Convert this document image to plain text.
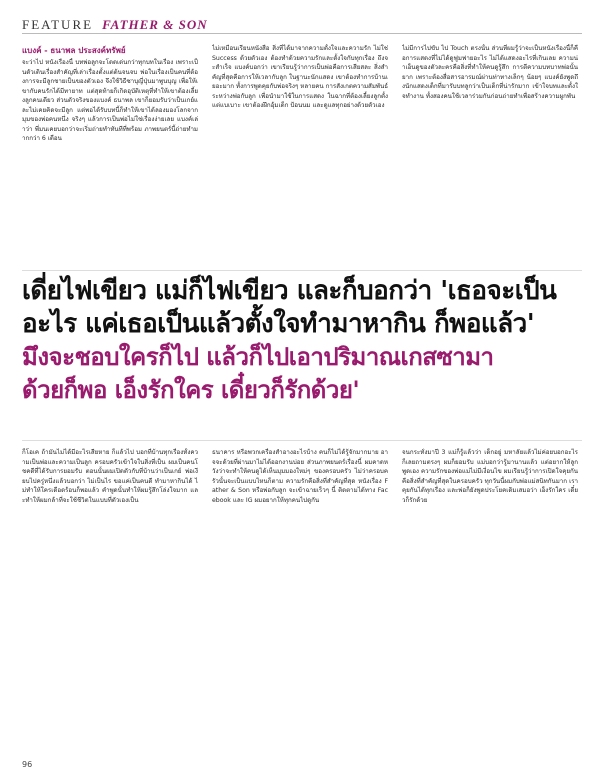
FEATURE FATHER & SON
แบงค์ - ธนาพล ประสงค์ทรัพย์
จะว่าไป หนังเรื่องนี้ บทพ่อลูกจะโดดเด่นกว่าทุกบทในเรื่อง เพราะเป็นตัวเดินเรื่องสำคัญที่เล่าเรื่องตั้งแต่ต้นจนจบ พ่อในเรื่องเป็นคนที่ต้องการจะมีลูกชายเป็นของตัวเอง จึงใช้วิธีซาบุญี่ปุ่นมาพูนบุญ เพื่อให้เขากับคนรักได้มีทายาท แต่สุดท้ายก็เกิดอุบัติเหตุที่ทำให้เขาต้องเลี้ยงลูกคนเดียว ส่วนตัวจริงของแบงค์ ธนาพล เขาก็ยอมรับว่าเป็นเกย์และไม่เคยคิดจะมีลูก แต่พอได้รับบทนี้ก็ทำให้เขาได้ลองมองโลกจากมุมของพ่อคนหนึ่ง จริงๆ แล้วการเป็นพ่อไม่ใช่เรื่องง่ายเลย แบงค์เล่าว่า พี่มนเคยบอกว่าจะเริ่มถ่ายทำทันทีที่พร้อม ภาพยนตร์นี้ถ่ายทำมากกว่า 6 เดือน
ไม่เหมือนเรียนหนังสือ สิ่งที่ได้มาจากความตั้งใจและความรัก ไม่ใช่ Success ด้วยตัวเอง ต้องทำด้วยความรักและตั้งใจกับทุกเรื่อง ถึงจะสำเร็จ แบงค์บอกว่า เขาเรียนรู้ว่าการเป็นพ่อคือการเสียสละ สิ่งสำคัญที่สุดคือการให้เวลากับลูก ในฐานะนักแสดง เขาต้องทำการบ้านเยอะมาก ทั้งการพูดคุยกับพ่อจริงๆ หลายคน การสังเกตความสัมพันธ์ระหว่างพ่อกับลูก เพื่อนำมาใช้ในการแสดง ในฉากที่ต้องเลี้ยงลูกตั้งแต่แบเบาะ เขาต้องฝึกอุ้มเด็ก ป้อนนม และดูแลทุกอย่างด้วยตัวเอง
ไม่มีการไปขับ ไป Touch ตรงนั้น ส่วนที่ผมรู้ว่าจะเป็นหนังเรื่องนี้ก็คือการแสดงที่ไม่ได้ดูฟูมฟายอะไร ไม่ได้แสดงอะไรที่เกินเลย ความน่าเอ็นดูของตัวละครคือสิ่งที่ทำให้คนดูรู้สึก การตีความบทบาทพ่อนั้นยาก เพราะต้องสื่อสารอารมณ์ผ่านท่าทางเล็กๆ น้อยๆ แบงค์ยังพูดถึงนักแสดงเด็กที่มารับบทลูกว่าเป็นเด็กที่น่ารักมาก เข้าใจบทและตั้งใจทำงาน ทั้งสองคนใช้เวลาร่วมกันก่อนถ่ายทำเพื่อสร้างความผูกพัน
เดี่ยไฟเขียว แม่ก็ไฟเขียว และก็บอกว่า 'เธอจะเป็น
อะไร แค่เธอเป็นแล้วตั้งใจทำมาหากิน ก็พอแล้ว'
มึงจะชอบใครก็ไป แล้วก็ไปเอาปริมาณเกสซามา
ด้วยก็พอ เอ็งรักใคร เดี๋ยวก็รักด้วย'
ก็โอเค ถ้ามันไม่ได้มีอะไรเสียหาย ก็แล้วไป บอกที่บ้านทุกเรื่องทั้งความเป็นพ่อและความเป็นลูก ครอบครัวเข้าใจในสิ่งที่เป็น ผมเป็นคนโชคดีที่ได้รับการยอมรับ ตอนนั้นผมเปิดตัวกับที่บ้านว่าเป็นเกย์ พ่อเงียบไปครู่หนึ่งแล้วบอกว่า ไม่เป็นไร ขอแค่เป็นคนดี ทำมาหากินได้ ไม่ทำให้ใครเดือดร้อนก็พอแล้ว คำพูดนั้นทำให้ผมรู้สึกโล่งใจมาก และทำให้ผมกล้าที่จะใช้ชีวิตในแบบที่ตัวเองเป็น
ธนาคาร หรือพวกเครื่องสำอางอะไรบ้าง คนก็ไม่ได้รู้จักมากมาย อาจจะด้วยที่ผ่านมาไม่ได้ออกงานบ่อย ส่วนภาพยนตร์เรื่องนี้ ผมคาดหวังว่าจะทำให้คนดูได้เห็นมุมมองใหม่ๆ ของครอบครัว ไม่ว่าครอบครัวนั้นจะเป็นแบบไหนก็ตาม ความรักคือสิ่งที่สำคัญที่สุด หนังเรื่อง Father & Son หรือพ่อกับลูก จะเข้าฉายเร็วๆ นี้ ติดตามได้ทาง Facebook และ IG ผมอยากให้ทุกคนไปดูกัน
จนกระทั่งมาปี 3 แม่ก็รู้แล้วว่า เด็กอยู่ มหาลัยแล้วไม่ค่อยบอกอะไร ก็เลยถามตรงๆ ผมก็ยอมรับ แม่บอกว่ารู้มานานแล้ว แต่อยากให้ลูกพูดเอง ความรักของพ่อแม่ไม่มีเงื่อนไข ผมเรียนรู้ว่าการเปิดใจคุยกันคือสิ่งที่สำคัญที่สุดในครอบครัว ทุกวันนี้ผมกับพ่อแม่สนิทกันมาก เราคุยกันได้ทุกเรื่อง และพ่อก็ยังพูดประโยคเดิมเสมอว่า เอ็งรักใคร เดี๋ยวก็รักด้วย
96
